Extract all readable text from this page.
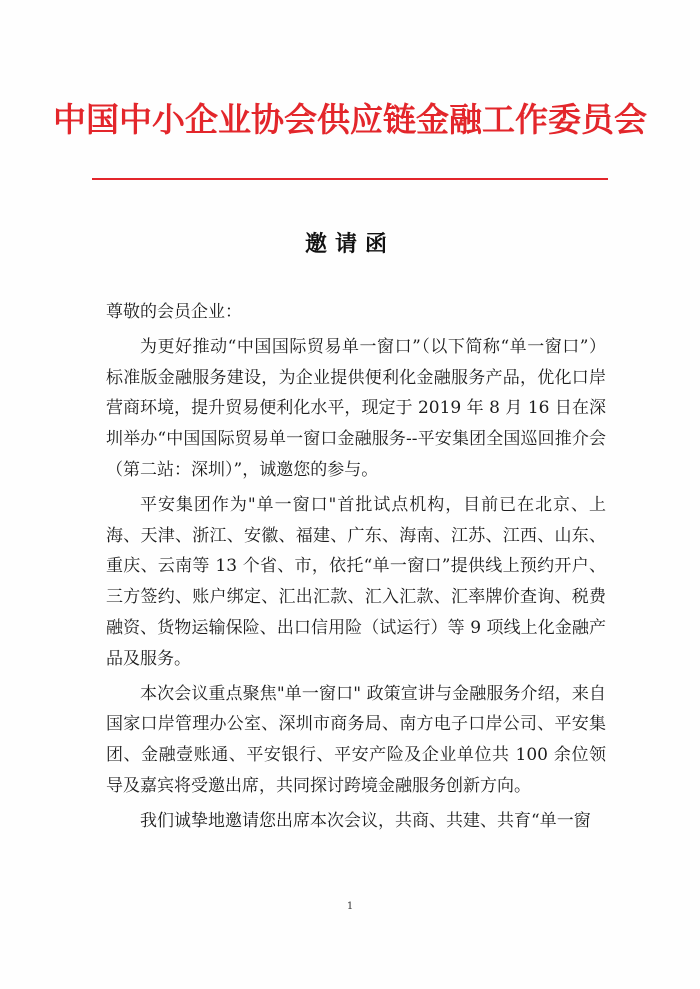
中国中小企业协会供应链金融工作委员会
邀请函

尊敬的会员企业：

为更好推动“中国国际贸易单一窗口”（以下简称“单一窗口”）标准版金融服务建设，为企业提供便利化金融服务产品，优化口岸营商环境，提升贸易便利化水平，现定于 2019 年 8 月 16 日在深圳举办“中国国际贸易单一窗口金融服务--平安集团全国巡回推介会（第二站：深圳）”，诚邀您的参与。

平安集团作为"单一窗口"首批试点机构，目前已在北京、上海、天津、浙江、安徽、福建、广东、海南、江苏、江西、山东、重庆、云南等 13 个省、市，依托“单一窗口”提供线上预约开户、三方签约、账户绑定、汇出汇款、汇入汇款、汇率牌价查询、税费融资、货物运输保险、出口信用险（试运行）等 9 项线上化金融产品及服务。

本次会议重点聚焦"单一窗口" 政策宣讲与金融服务介绍，来自国家口岸管理办公室、深圳市商务局、南方电子口岸公司、平安集团、金融壹账通、平安银行、平安产险及企业单位共 100 余位领导及嘉宾将受邀出席，共同探讨跨境金融服务创新方向。

我们诚挚地邀请您出席本次会议，共商、共建、共育“单一窗

1
